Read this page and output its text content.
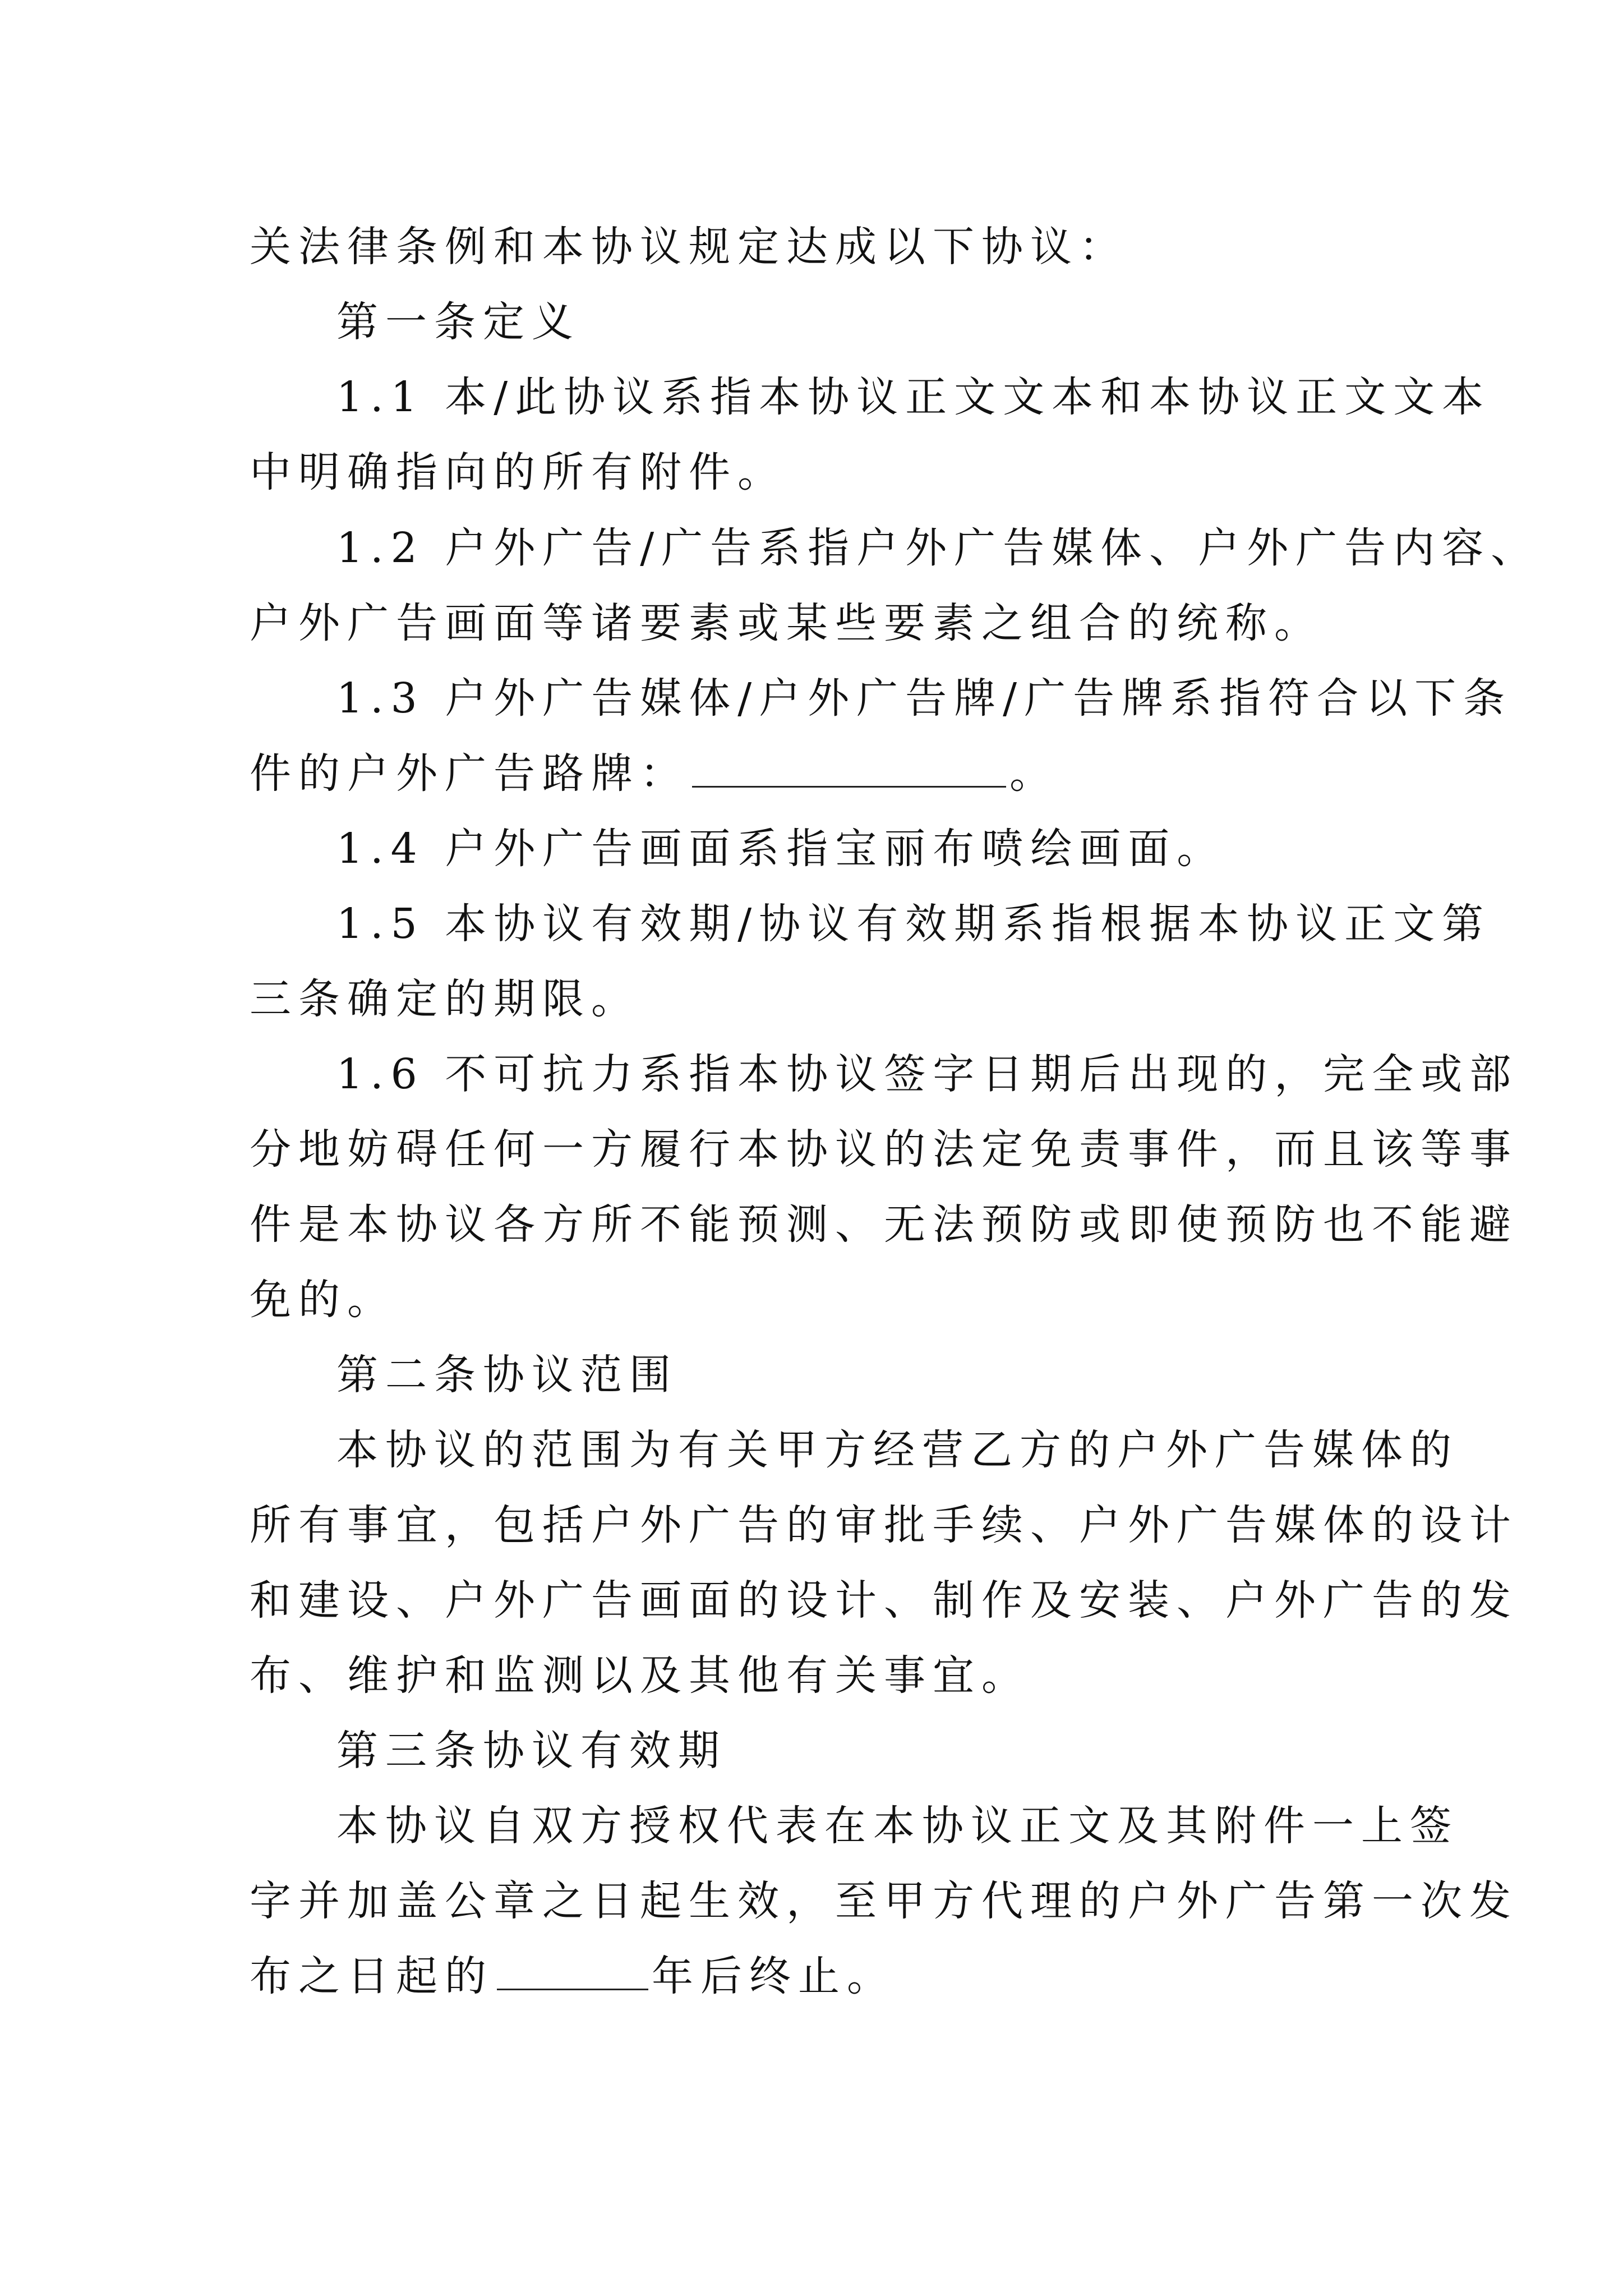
关法律条例和本协议规定达成以下协议：
第一条定义
1.1 本/此协议系指本协议正文文本和本协议正文文本
中明确指向的所有附件。
1.2 户外广告/广告系指户外广告媒体、户外广告内容、
户外广告画面等诸要素或某些要素之组合的统称。
1.3 户外广告媒体/户外广告牌/广告牌系指符合以下条
件的户外广告路牌：	。
1.4 户外广告画面系指宝丽布喷绘画面。
1.5 本协议有效期/协议有效期系指根据本协议正文第
三条确定的期限。
1.6 不可抗力系指本协议签字日期后出现的，完全或部
分地妨碍任何一方履行本协议的法定免责事件，而且该等事
件是本协议各方所不能预测、无法预防或即使预防也不能避
免的。
第二条协议范围
本协议的范围为有关甲方经营乙方的户外广告媒体的
所有事宜，包括户外广告的审批手续、户外广告媒体的设计
和建设、户外广告画面的设计、制作及安装、户外广告的发
布、维护和监测以及其他有关事宜。
第三条协议有效期
本协议自双方授权代表在本协议正文及其附件一上签
字并加盖公章之日起生效，至甲方代理的户外广告第一次发
布之日起的	年后终止。
